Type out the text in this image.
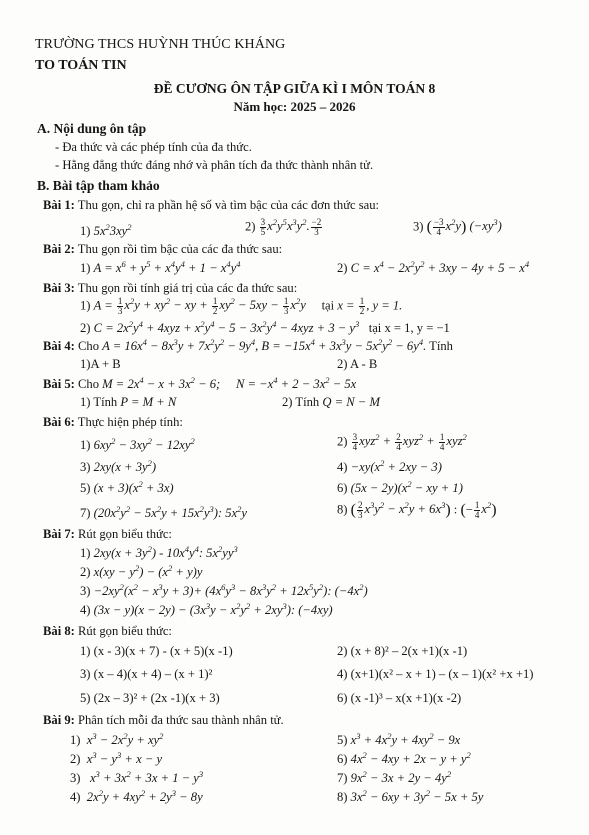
TRƯỜNG THCS HUỲNH THÚC KHÁNG
TO TOÁN TIN
ĐỀ CƯƠNG ÔN TẬP GIỮA KÌ I MÔN TOÁN 8
Năm học: 2025 – 2026
A. Nội dung ôn tập
- Đa thức và các phép tính của đa thức.
- Hằng đẳng thức đáng nhớ và phân tích đa thức thành nhân tử.
B. Bài tập tham khảo
Bài 1: Thu gọn, chỉ ra phần hệ số và tìm bậc của các đơn thức sau:
1) $5x^23xy^2$	$2) \frac{3}{5} x^2y^5x^3y^2$. $\frac{-2}{3}$	3) ( $\frac{-3}{4} x^2y$) $(-xy^3)$
Bài 2: Thu gọn rồi tìm bậc của các đa thức sau:
1) $A = x^6 + y^5 + x^4y^4 + 1 - x^4y^4$	2) $C = x^4 - 2x^2y^2 + 3xy - 4y + 5 - x^4$
Bài 3: Thu gọn rồi tính giá trị của các đa thức sau:
1) $A = \frac{1}{3} x^2y + xy^2$ − xy + $\frac{1}{2} xy^2 - 5xy - \frac{1}{3} x^2y$ tại $x = \frac{1}{2}$ , y = 1.
2) $C = 2x^2y^4 + 4xyz + x^2y^4 - 5 - 3x^2y^4 - 4xyz + 3 - y^3$ tại x = 1, y = −1
Bài 4: Cho $A = 16x^4 - 8x^3y + 7x^2y^2 - 9y^4$, $B = -15x^4 + 3x^3y - 5x^2y^2 - 6y^4$. Tính
1)A + B	2) A - B
Bài 5: Cho $M = 2x^4 - x + 3x^2 - 6$; $N = -x^4 + 2 - 3x^2 - 5x$
1) Tính P = M + N	2) Tính Q = N − M
Bài 6: Thực hiện phép tính:
1) $6xy^2 - 3xy^2 - 12xy^2$	$2) \frac{3}{4} xyz^2 + \frac{2}{4} xyz^2 + \frac{1}{4} xyz^2$
3) $2xy(x + 3y^2)$	$4) -xy(x^2 + 2xy - 3)$
5) $(x + 3)(x^2 + 3x)$	6) $(5x - 2y)(x^2$ − xy + 1)
7) $(20x^2y^2 - 5x^2y + 15x^2y^3)$: $5x^2y$	8) ( $\frac{2}{3} x^3y^2 - x^2y + 6x^3$) : (− $\frac{1}{4} x^2$)
Bài 7: Rút gọn biểu thức:
1) $2xy(x + 3y^2) - 10x^4y^4$: $5x^2yy^3$
2) $x(xy - y^2) - (x^2 + y)y$
$3) -2xy^2(x^2 - x^3y + 3)+ (4x^6y^3 - 8x^3y^2 + 12x^5y^2)$: $(-4x^2)$
4) $(3x - y)(x - 2y) - (3x^3y - x^2y^2 + 2xy^3)$: (−4xy)
Bài 8: Rút gọn biểu thức:
1) (x - 3)(x + 7) - (x + 5)(x -1)	2) (x + 8)² – 2(x +1)(x -1)
3) (x – 4)(x + 4) – (x + 1)²	4) (x+1)(x² – x + 1) – (x – 1)(x² +x +1)
5) (2x – 3)² + (2x -1)(x + 3)	6) (x -1)³ – x(x +1)(x -2)
Bài 9: Phân tích mỗi đa thức sau thành nhân tử.
1) $x^3 - 2x^2y + xy^2$	5) $x^3 + 4x^2y + 4xy^2 - 9x$
2) $x^3 - y^3 + x - y$	6) $4x^2 - 4xy + 2x - y + y^2$
3) $x^3 + 3x^2 + 3x + 1 - y^3$	7) $9x^2 - 3x + 2y - 4y^2$
4) $2x^2y + 4xy^2 + 2y^3 - 8y$	8) $3x^2 - 6xy + 3y^2 - 5x + 5y$
